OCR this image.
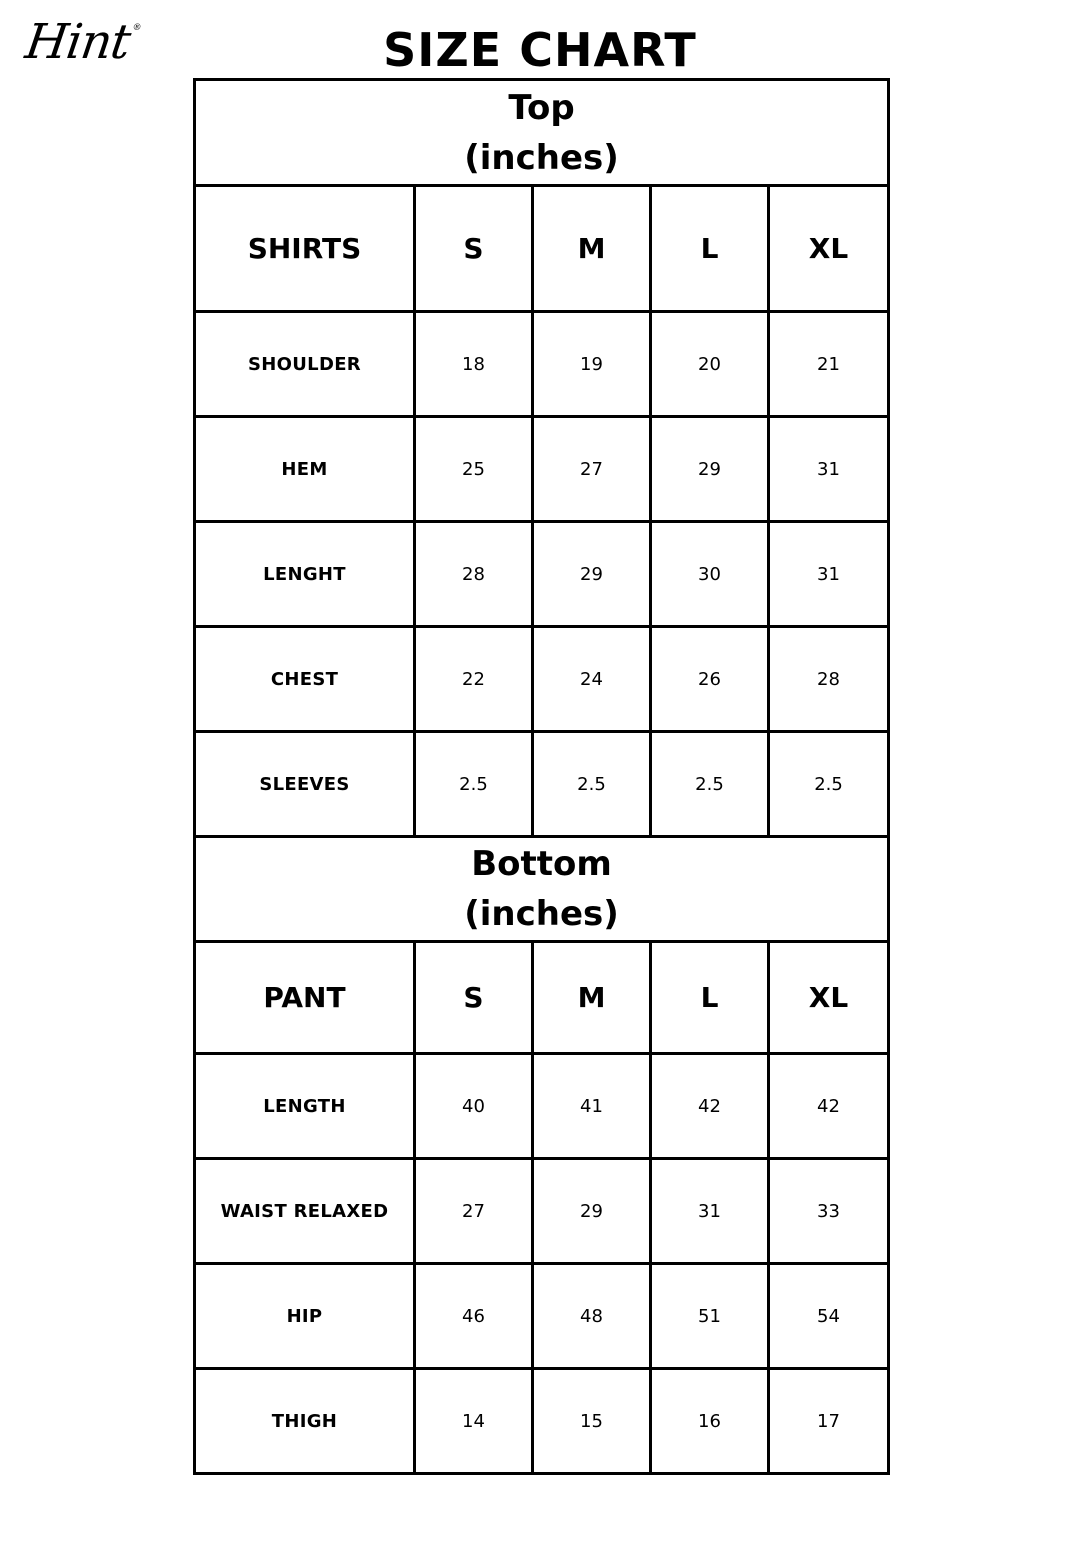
Hint®	SIZE CHART
Top
(inches)				

SHIRTS	S	M	L	XL
SHOULDER	18	19	20	21
HEM	25	27	29	31
LENGHT	28	29	30	31
CHEST	22	24	26	28
SLEEVES	2.5	2.5	2.5	2.5

Bottom
(inches)				

PANT	S	M	L	XL
LENGTH	40	41	42	42
WAIST RELAXED	27	29	31	33
HIP	46	48	51	54
THIGH	14	15	16	17
